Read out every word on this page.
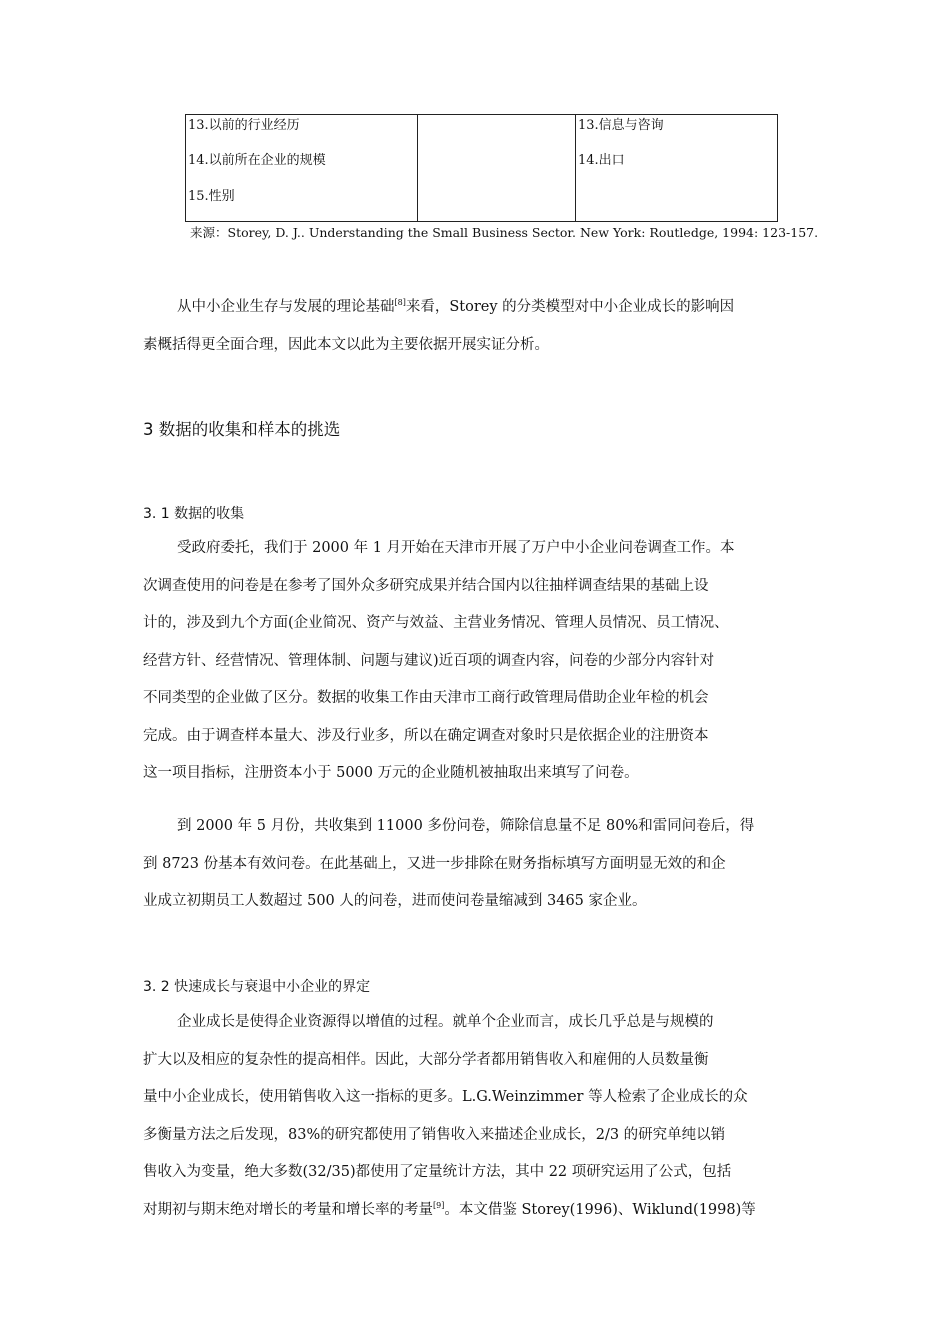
13.以前的行业经历
14.以前所在企业的规模
15.性别
13.信息与咨询
14.出口
来源：Storey, D. J.. Understanding the Small Business Sector. New York: Routledge, 1994: 123-157.
从中小企业生存与发展的理论基础[8]来看，Storey 的分类模型对中小企业成长的影响因
素概括得更全面合理，因此本文以此为主要依据开展实证分析。
3 数据的收集和样本的挑选
3. 1 数据的收集
受政府委托，我们于 2000 年 1 月开始在天津市开展了万户中小企业问卷调查工作。本
次调查使用的问卷是在参考了国外众多研究成果并结合国内以往抽样调查结果的基础上设
计的，涉及到九个方面(企业简况、资产与效益、主营业务情况、管理人员情况、员工情况、
经营方针、经营情况、管理体制、问题与建议)近百项的调查内容，问卷的少部分内容针对
不同类型的企业做了区分。数据的收集工作由天津市工商行政管理局借助企业年检的机会
完成。由于调查样本量大、涉及行业多，所以在确定调查对象时只是依据企业的注册资本
这一项目指标，注册资本小于 5000 万元的企业随机被抽取出来填写了问卷。
到 2000 年 5 月份，共收集到 11000 多份问卷，筛除信息量不足 80%和雷同问卷后，得
到 8723 份基本有效问卷。在此基础上，又进一步排除在财务指标填写方面明显无效的和企
业成立初期员工人数超过 500 人的问卷，进而使问卷量缩减到 3465 家企业。
3. 2 快速成长与衰退中小企业的界定
企业成长是使得企业资源得以增值的过程。就单个企业而言，成长几乎总是与规模的
扩大以及相应的复杂性的提高相伴。因此，大部分学者都用销售收入和雇佣的人员数量衡
量中小企业成长，使用销售收入这一指标的更多。L.G.Weinzimmer 等人检索了企业成长的众
多衡量方法之后发现，83%的研究都使用了销售收入来描述企业成长，2/3 的研究单纯以销
售收入为变量，绝大多数(32/35)都使用了定量统计方法，其中 22 项研究运用了公式，包括
对期初与期末绝对增长的考量和增长率的考量[9]。本文借鉴 Storey(1996)、Wiklund(1998)等
